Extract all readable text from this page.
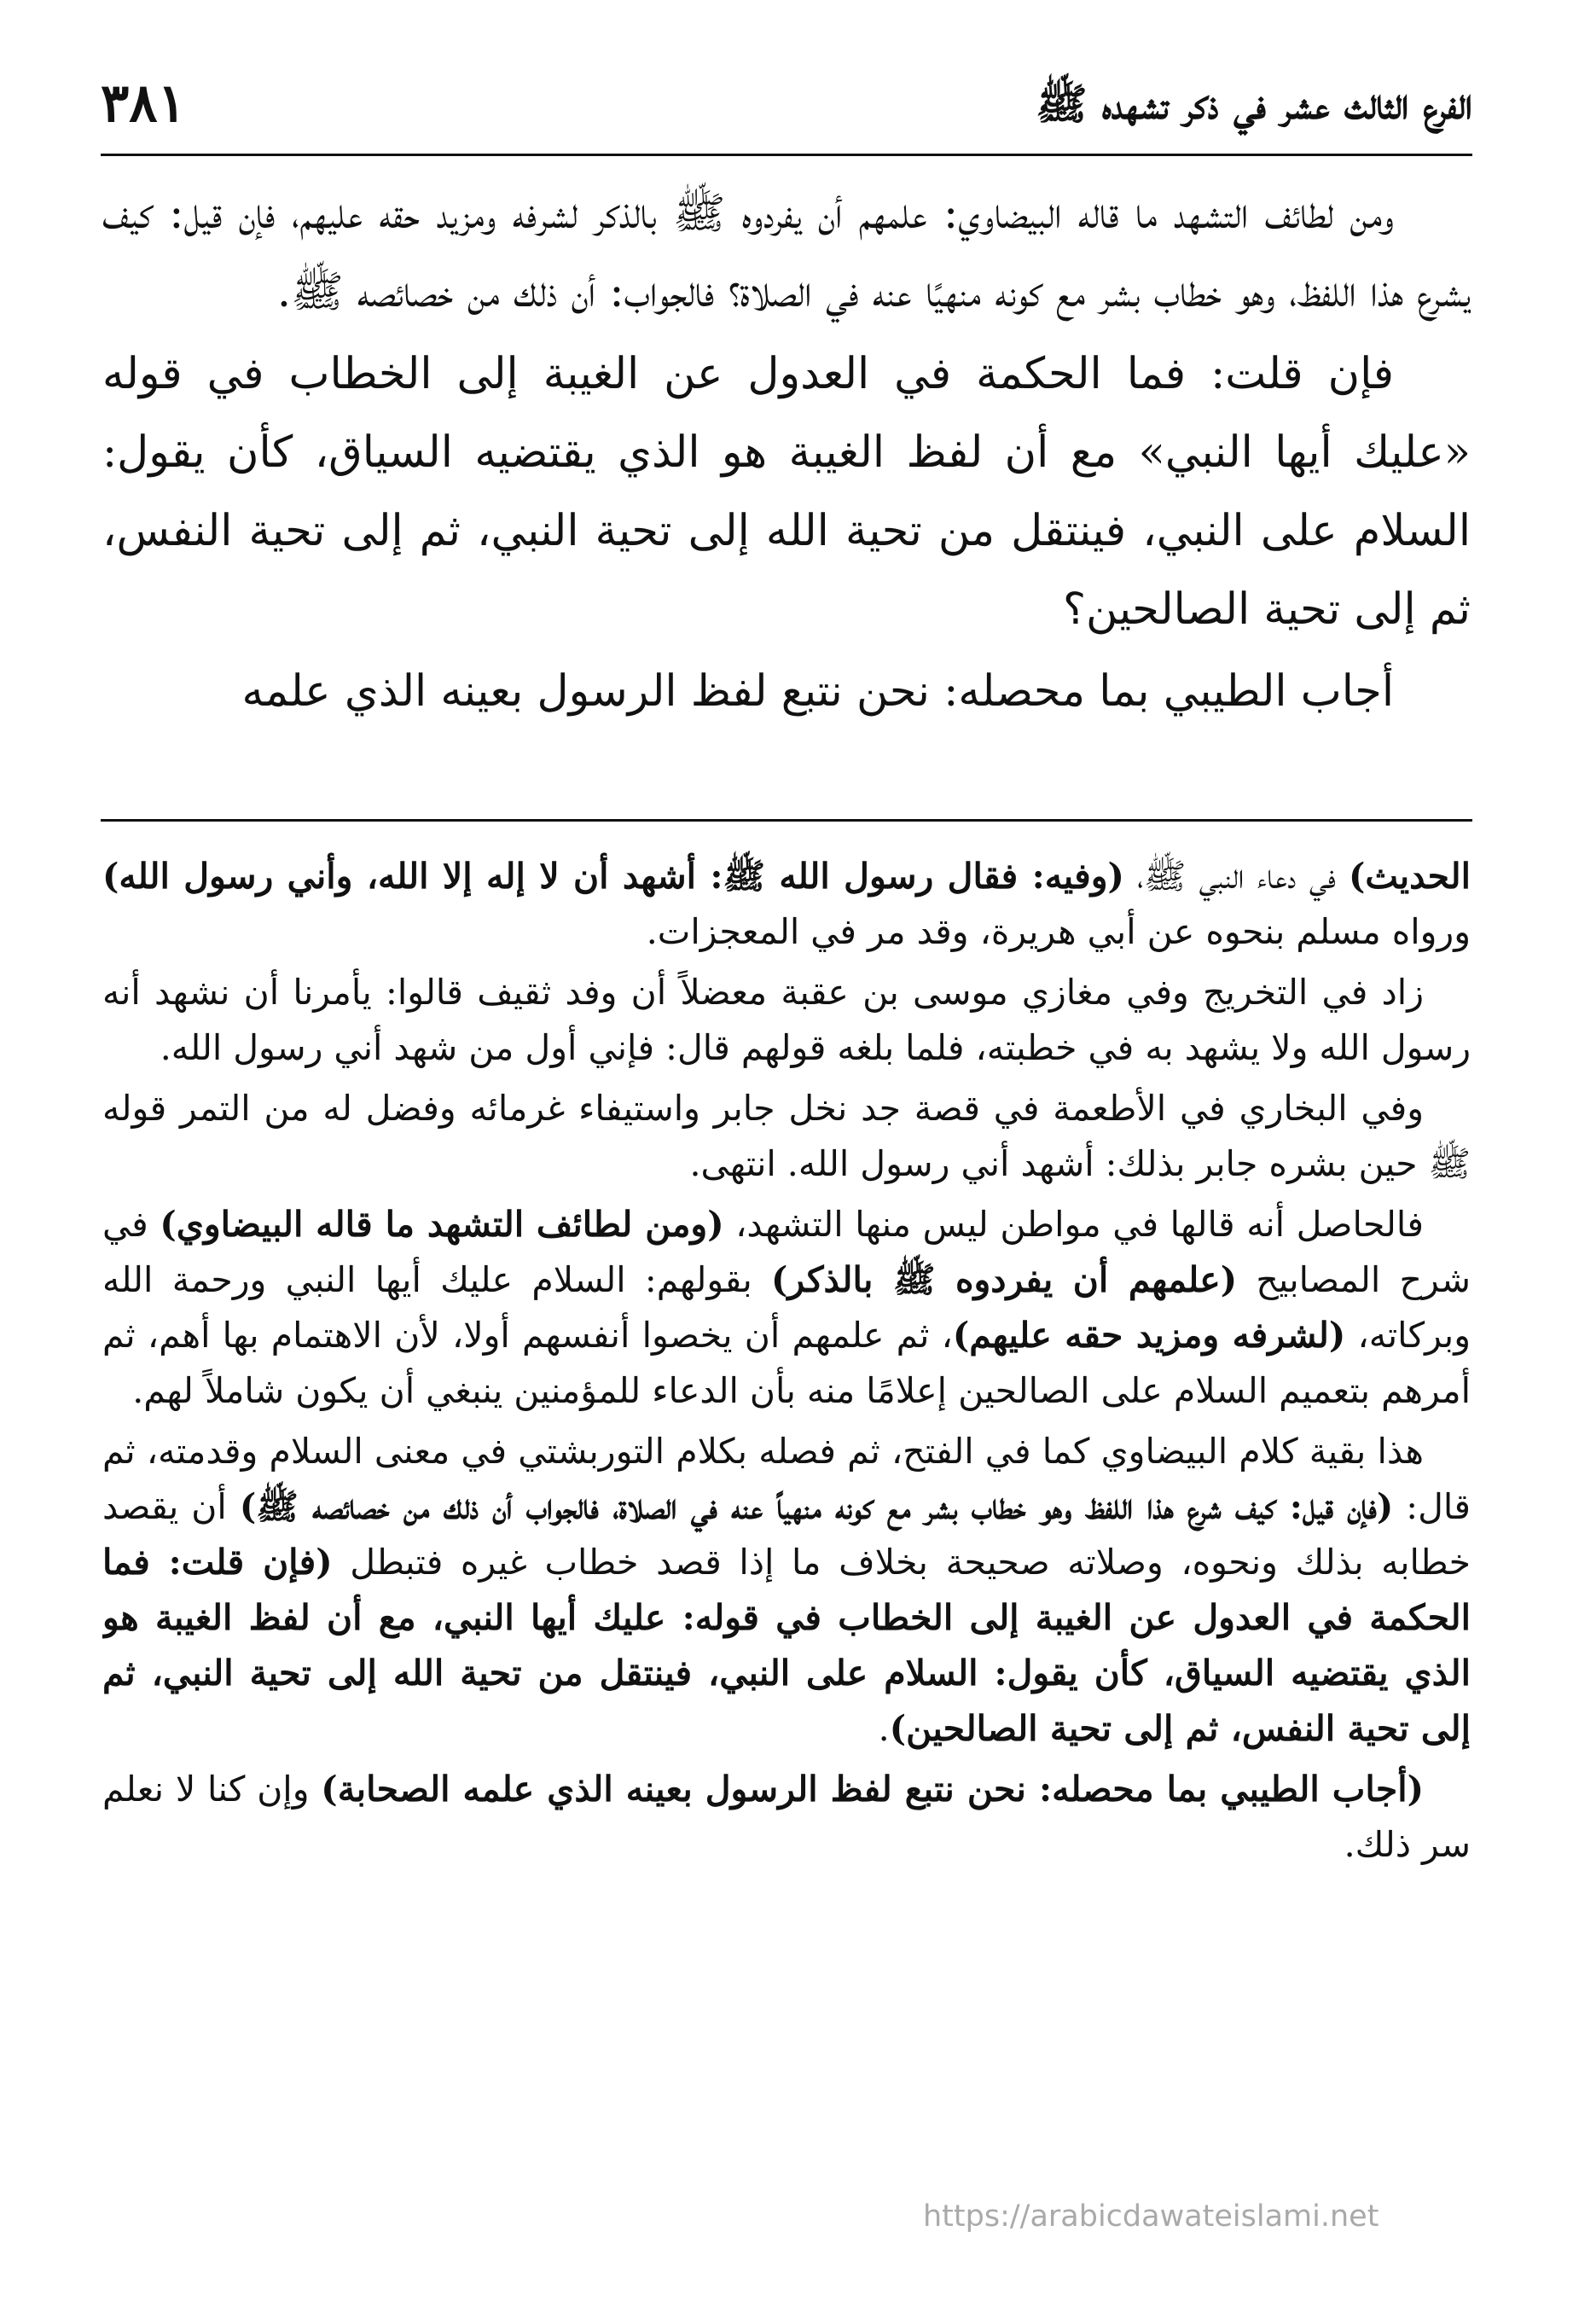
الفرع الثالث عشر في ذكر تشهده ﷺ
٣٨١

ومن لطائف التشهد ما قاله البيضاوي: علمهم أن يفردوه ﷺ بالذكر لشرفه ومزيد حقه عليهم، فإن قيل: كيف يشرع هذا اللفظ، وهو خطاب بشر مع كونه منهيًا عنه في الصلاة؟ فالجواب: أن ذلك من خصائصه ﷺ.

فإن قلت: فما الحكمة في العدول عن الغيبة إلى الخطاب في قوله «عليك أيها النبي» مع أن لفظ الغيبة هو الذي يقتضيه السياق، كأن يقول: السلام على النبي، فينتقل من تحية الله إلى تحية النبي، ثم إلى تحية النفس، ثم إلى تحية الصالحين؟

أجاب الطيبي بما محصله: نحن نتبع لفظ الرسول بعينه الذي علمه

الحديث) في دعاء النبي ﷺ، (وفيه: فقال رسول الله ﷺ: أشهد أن لا إله إلا الله، وأني رسول الله) ورواه مسلم بنحوه عن أبي هريرة، وقد مر في المعجزات.

زاد في التخريج وفي مغازي موسى بن عقبة معضلاً أن وفد ثقيف قالوا: يأمرنا أن نشهد أنه رسول الله ولا يشهد به في خطبته، فلما بلغه قولهم قال: فإني أول من شهد أني رسول الله.

وفي البخاري في الأطعمة في قصة جد نخل جابر واستيفاء غرمائه وفضل له من التمر قوله ﷺ حين بشره جابر بذلك: أشهد أني رسول الله. انتهى.

فالحاصل أنه قالها في مواطن ليس منها التشهد، (ومن لطائف التشهد ما قاله البيضاوي) في شرح المصابيح (علمهم أن يفردوه ﷺ بالذكر) بقولهم: السلام عليك أيها النبي ورحمة الله وبركاته، (لشرفه ومزيد حقه عليهم)، ثم علمهم أن يخصوا أنفسهم أولا، لأن الاهتمام بها أهم، ثم أمرهم بتعميم السلام على الصالحين إعلامًا منه بأن الدعاء للمؤمنين ينبغي أن يكون شاملاً لهم.

هذا بقية كلام البيضاوي كما في الفتح، ثم فصله بكلام التوربشتي في معنى السلام وقدمته، ثم قال: (فإن قيل: كيف شرع هذا اللفظ وهو خطاب بشر مع كونه منهياً عنه في الصلاة، فالجواب أن ذلك من خصائصه ﷺ) أن يقصد خطابه بذلك ونحوه، وصلاته صحيحة بخلاف ما إذا قصد خطاب غيره فتبطل (فإن قلت: فما الحكمة في العدول عن الغيبة إلى الخطاب في قوله: عليك أيها النبي، مع أن لفظ الغيبة هو الذي يقتضيه السياق، كأن يقول: السلام على النبي، فينتقل من تحية الله إلى تحية النبي، ثم إلى تحية النفس، ثم إلى تحية الصالحين).

(أجاب الطيبي بما محصله: نحن نتبع لفظ الرسول بعينه الذي علمه الصحابة) وإن كنا لا نعلم سر ذلك.

https://arabicdawateislami.net
